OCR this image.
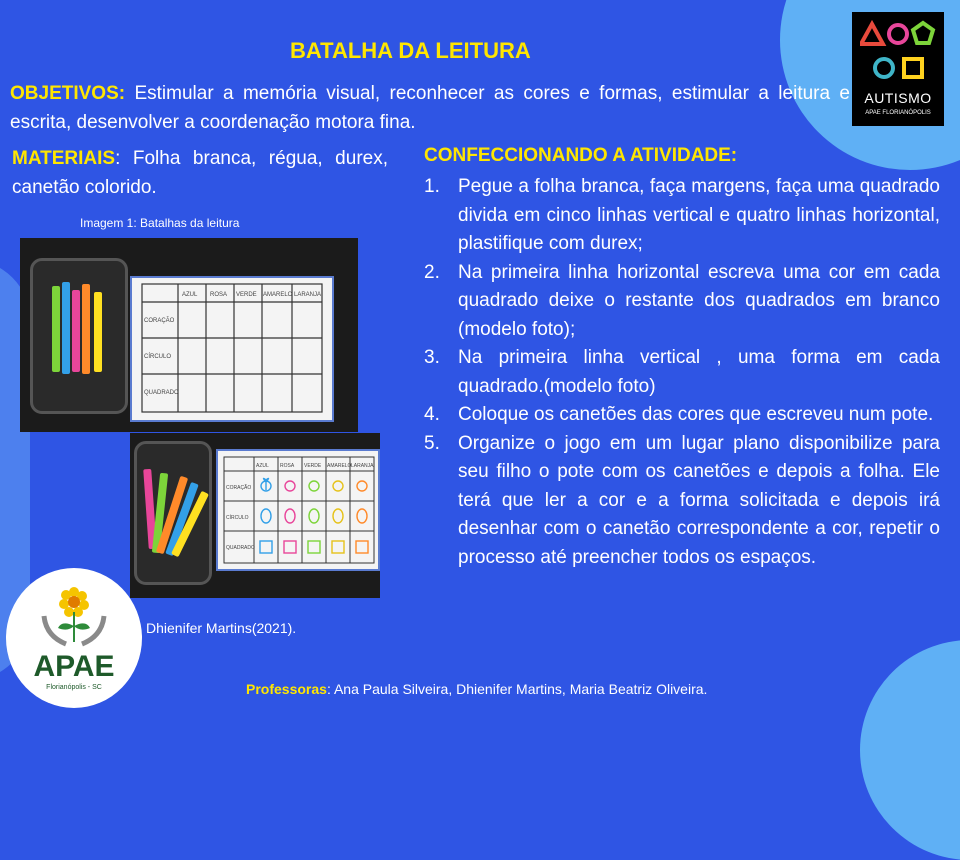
BATALHA DA LEITURA
OBJETIVOS: Estimular a memória visual, reconhecer as cores e formas, estimular a leitura e escrita, desenvolver a coordenação motora fina.
MATERIAIS: Folha branca, régua, durex, canetão colorido.
Imagem 1: Batalhas da leitura
AZUL ROSA VERDE AMARELO LARANJA
CORAÇÃO
CÍRCULO
QUADRADO
AZUL ROSA VERDE AMARELO LARANJA
CORAÇÃO
CÍRCULO
QUADRADO
Dhienifer Martins(2021).
CONFECCIONANDO A ATIVIDADE:
1. Pegue a folha branca, faça margens, faça uma quadrado divida em cinco linhas vertical e quatro linhas horizontal, plastifique com durex;
2. Na primeira linha horizontal escreva uma cor em cada quadrado deixe o restante dos quadrados em branco (modelo foto);
3. Na primeira linha vertical , uma forma em cada quadrado.(modelo foto)
4. Coloque os canetões das cores que escreveu num pote.
5. Organize o jogo em um lugar plano disponibilize para seu filho o pote com os canetões e depois a folha. Ele terá que ler a cor e a forma solicitada e depois irá desenhar com o canetão correspondente a cor, repetir o processo até preencher todos os espaços.
APAE
Florianópolis - SC
AUTISMO
APAE FLORIANÓPOLIS
Professoras: Ana Paula Silveira, Dhienifer Martins, Maria Beatriz Oliveira.
